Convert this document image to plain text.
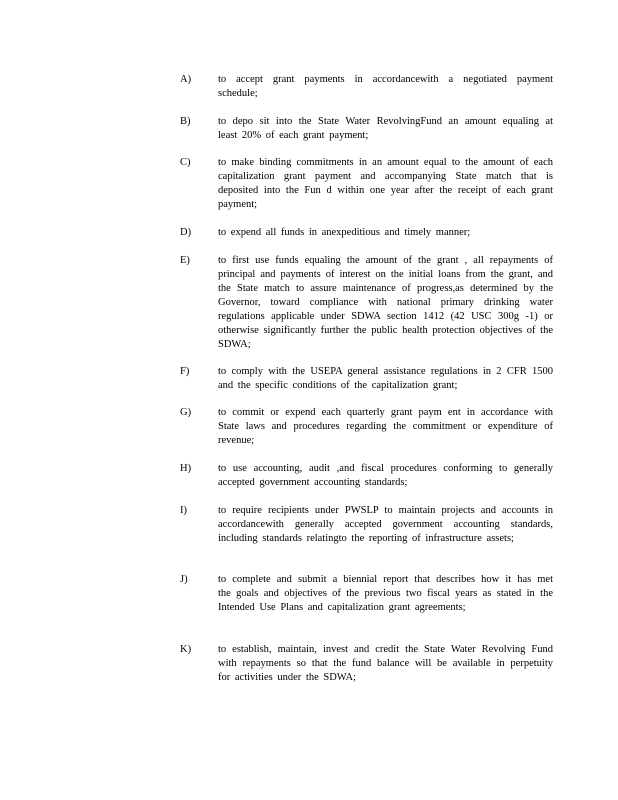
A)	to accept grant payments in accordancewith a negotiated payment schedule;
B)	to depo sit into the State Water RevolvingFund an amount equaling at least 20% of each grant payment;
C)	to make binding commitments in an amount equal to the amount of each capitalization grant payment and accompanying State match that is deposited into the Fun d within one year after the receipt of each grant payment;
D)	to expend all funds in anexpeditious and timely manner;
E)	to first use funds equaling the amount of the grant , all repayments of principal and payments of interest on the initial loans from the grant, and the State match to assure maintenance of progress,as determined by the Governor, toward compliance with national primary drinking water regulations applicable under SDWA section 1412 (42 USC 300g -1) or otherwise significantly further the public health protection objectives of the SDWA;
F)	to comply with the USEPA general assistance regulations in 2 CFR 1500 and the specific conditions of the capitalization grant;
G)	to commit or expend each quarterly grant paym ent in accordance with State laws and procedures regarding the commitment or expenditure of revenue;
H)	to use accounting, audit ,and fiscal procedures conforming to generally accepted government accounting standards;
I)	to require recipients under PWSLP to maintain projects and accounts in accordancewith generally accepted government accounting standards, including standards relatingto the reporting of infrastructure assets;
J)	to complete and submit a biennial report that describes how it has met the goals and objectives of the previous two fiscal years as stated in the Intended Use Plans and capitalization grant agreements;
K)	to establish, maintain, invest and credit the State Water Revolving Fund with repayments so that the fund balance will be available in perpetuity for activities under the SDWA;
